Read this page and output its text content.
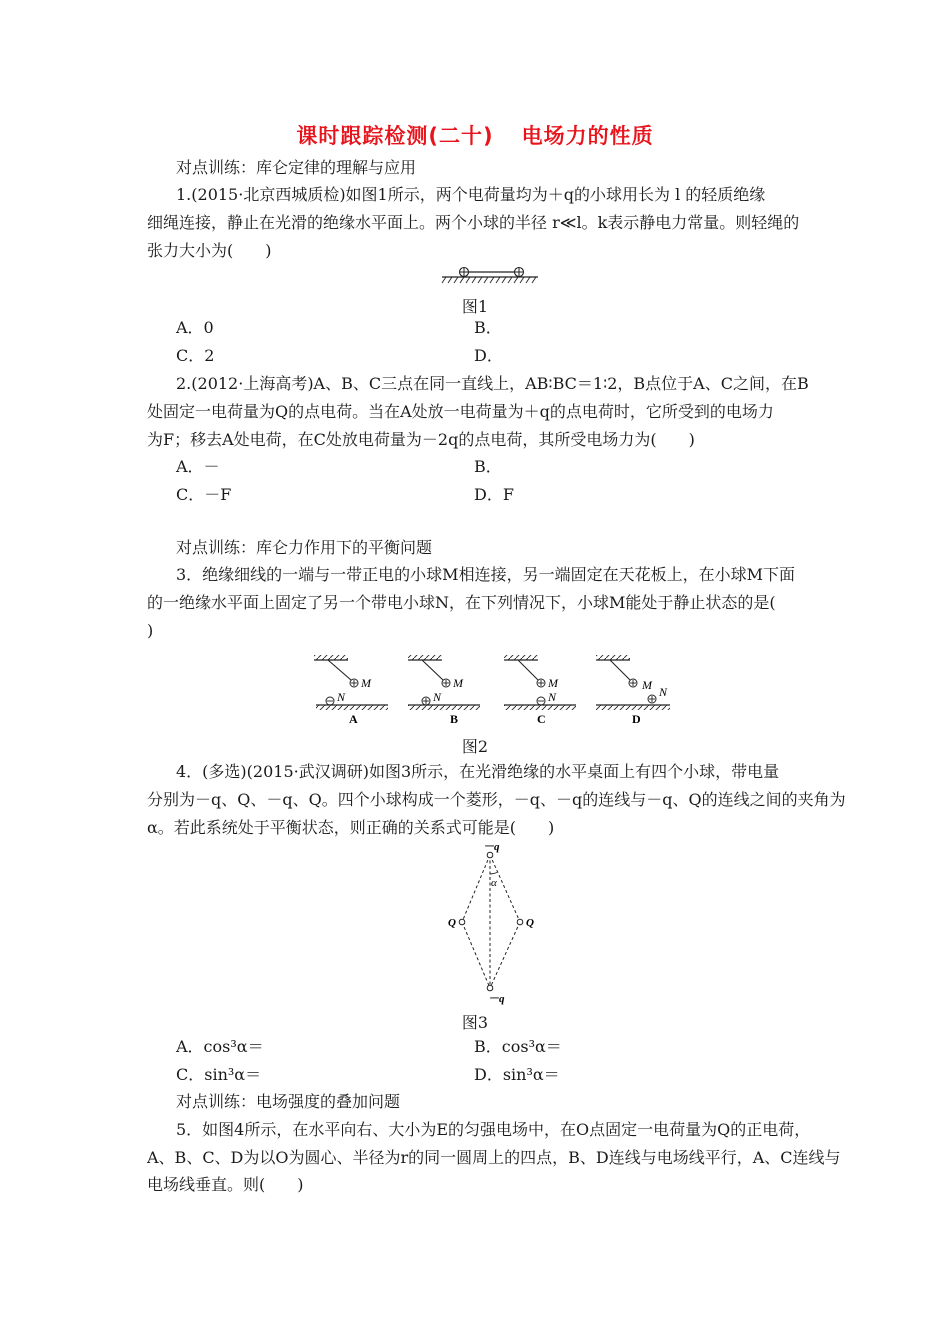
课时跟踪检测(二十) 电场力的性质
对点训练：库仑定律的理解与应用
1.(2015·北京西城质检)如图1所示，两个电荷量均为＋q的小球用长为 l 的轻质绝缘
细绳连接，静止在光滑的绝缘水平面上。两个小球的半径 r≪l。k表示静电力常量。则轻绳的
张力大小为(　　)
图1
A．0	B．
C．2	D．
2.(2012·上海高考)A、B、C三点在同一直线上，AB∶BC＝1∶2，B点位于A、C之间，在B
处固定一电荷量为Q的点电荷。当在A处放一电荷量为＋q的点电荷时，它所受到的电场力
为F；移去A处电荷，在C处放电荷量为－2q的点电荷，其所受电场力为(　　)
A．－	B．
C．－F	D．F
对点训练：库仑力作用下的平衡问题
3．绝缘细线的一端与一带正电的小球M相连接，另一端固定在天花板上，在小球M下面
的一绝缘水平面上固定了另一个带电小球N，在下列情况下，小球M能处于静止状态的是(
)
M
N
A
M
N
B
M
N
C
N
M
D
图2
4．(多选)(2015·武汉调研)如图3所示，在光滑绝缘的水平桌面上有四个小球，带电量
分别为－q、Q、－q、Q。四个小球构成一个菱形，－q、－q的连线与－q、Q的连线之间的夹角为
α。若此系统处于平衡状态，则正确的关系式可能是(　　)
α
－q
－q
Q	Q
图3
A．cos³α＝	B．cos³α＝
C．sin³α＝	D．sin³α＝
对点训练：电场强度的叠加问题
5．如图4所示，在水平向右、大小为E的匀强电场中，在O点固定一电荷量为Q的正电荷，
A、B、C、D为以O为圆心、半径为r的同一圆周上的四点，B、D连线与电场线平行，A、C连线与
电场线垂直。则(　　)
